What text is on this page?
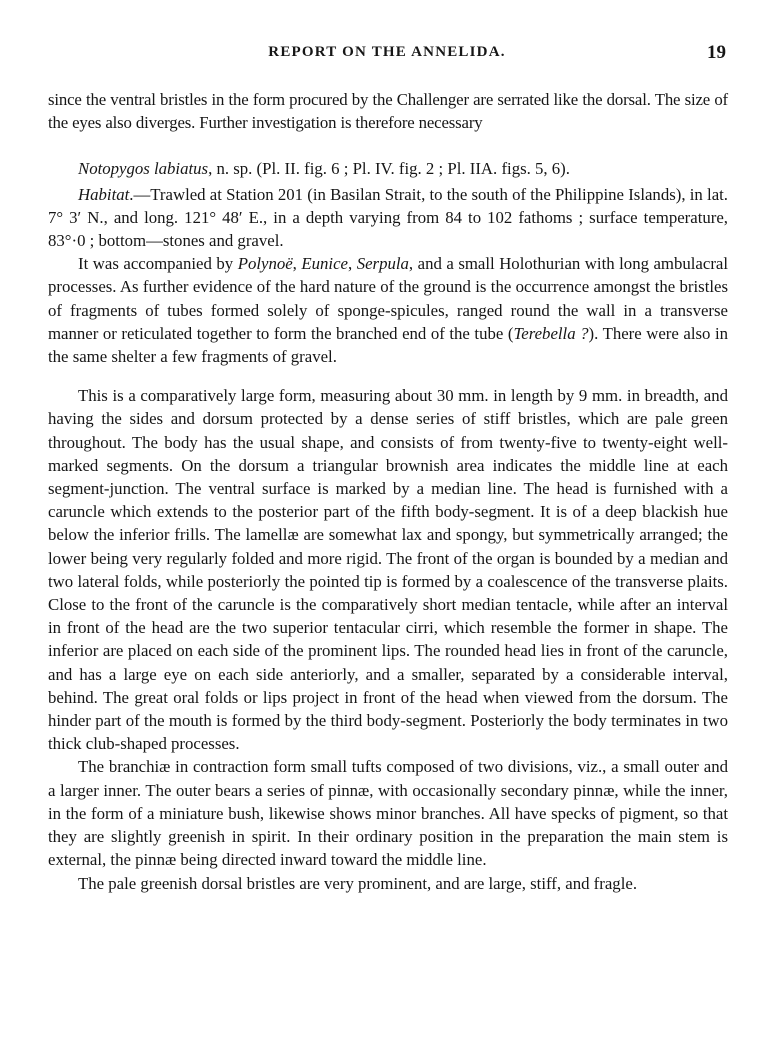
REPORT ON THE ANNELIDA.	19

since the ventral bristles in the form procured by the Challenger are serrated like the dorsal. The size of the eyes also diverges. Further investigation is therefore necessary

Notopygos labiatus, n. sp. (Pl. II. fig. 6 ; Pl. IV. fig. 2 ; Pl. IIA. figs. 5, 6).

Habitat.—Trawled at Station 201 (in Basilan Strait, to the south of the Philippine Islands), in lat. 7° 3′ N., and long. 121° 48′ E., in a depth varying from 84 to 102 fathoms ; surface temperature, 83°·0 ; bottom—stones and gravel.

It was accompanied by Polynoë, Eunice, Serpula, and a small Holothurian with long ambulacral processes. As further evidence of the hard nature of the ground is the occurrence amongst the bristles of fragments of tubes formed solely of sponge-spicules, ranged round the wall in a transverse manner or reticulated together to form the branched end of the tube (Terebella ?). There were also in the same shelter a few fragments of gravel.

This is a comparatively large form, measuring about 30 mm. in length by 9 mm. in breadth, and having the sides and dorsum protected by a dense series of stiff bristles, which are pale green throughout. The body has the usual shape, and consists of from twenty-five to twenty-eight well-marked segments. On the dorsum a triangular brownish area indicates the middle line at each segment-junction. The ventral surface is marked by a median line. The head is furnished with a caruncle which extends to the posterior part of the fifth body-segment. It is of a deep blackish hue below the inferior frills. The lamellæ are somewhat lax and spongy, but symmetrically arranged; the lower being very regularly folded and more rigid. The front of the organ is bounded by a median and two lateral folds, while posteriorly the pointed tip is formed by a coalescence of the transverse plaits. Close to the front of the caruncle is the comparatively short median tentacle, while after an interval in front of the head are the two superior tentacular cirri, which resemble the former in shape. The inferior are placed on each side of the prominent lips. The rounded head lies in front of the caruncle, and has a large eye on each side anteriorly, and a smaller, separated by a considerable interval, behind. The great oral folds or lips project in front of the head when viewed from the dorsum. The hinder part of the mouth is formed by the third body-segment. Posteriorly the body terminates in two thick club-shaped processes.

The branchiæ in contraction form small tufts composed of two divisions, viz., a small outer and a larger inner. The outer bears a series of pinnæ, with occasionally secondary pinnæ, while the inner, in the form of a miniature bush, likewise shows minor branches. All have specks of pigment, so that they are slightly greenish in spirit. In their ordinary position in the preparation the main stem is external, the pinnæ being directed inward toward the middle line.

The pale greenish dorsal bristles are very prominent, and are large, stiff, and fragle.
